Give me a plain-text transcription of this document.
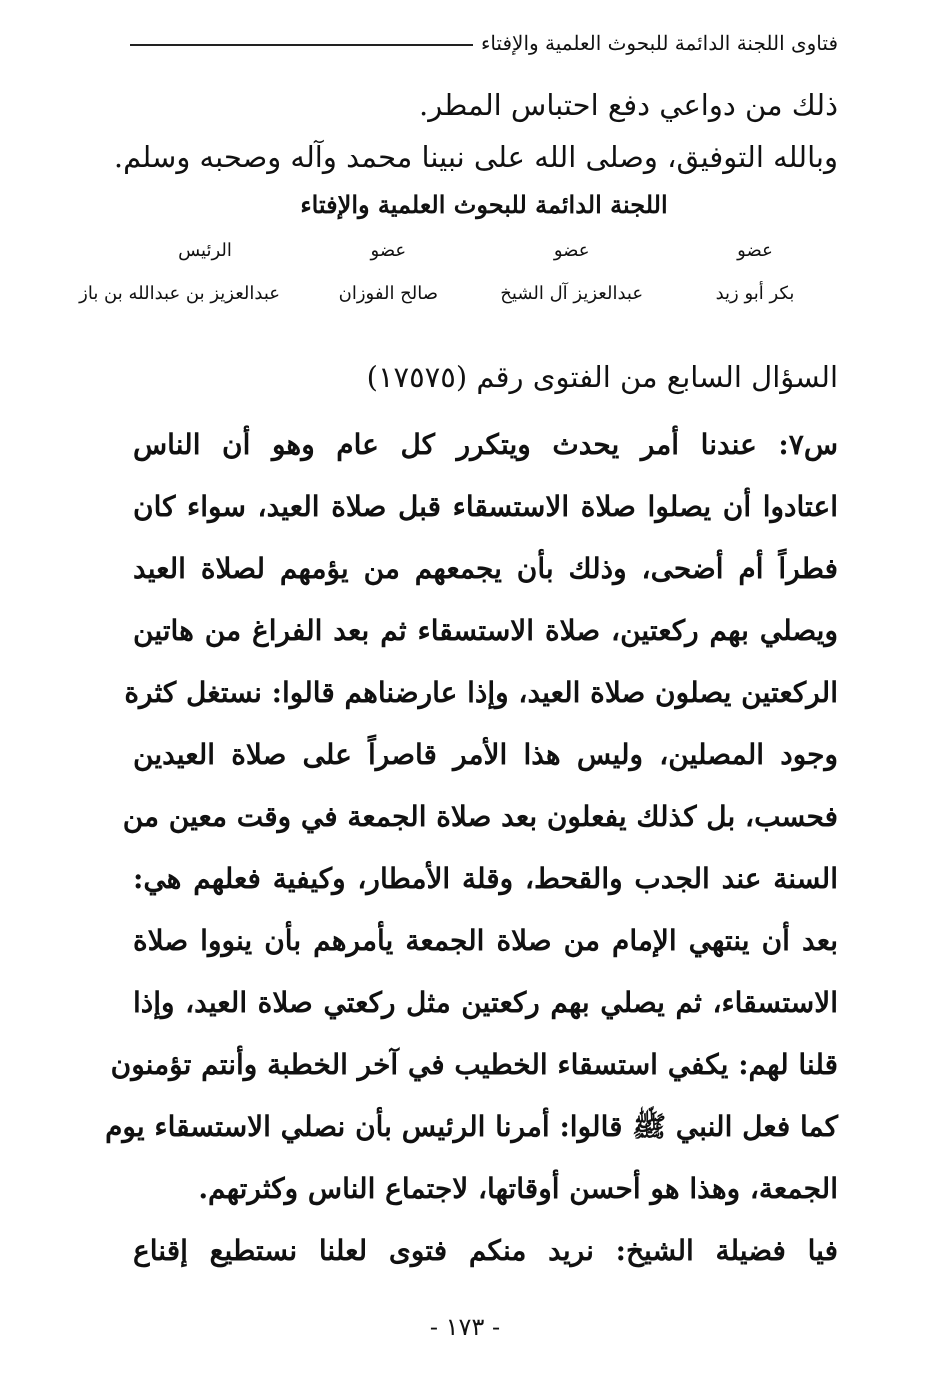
فتاوى اللجنة الدائمة للبحوث العلمية والإفتاء
ذلك من دواعي دفع احتباس المطر.
وبالله التوفيق، وصلى الله على نبينا محمد وآله وصحبه وسلم.
اللجنة الدائمة للبحوث العلمية والإفتاء
عضو
عضو
عضو
الرئيس
بكر أبو زيد
عبدالعزيز آل الشيخ
صالح الفوزان
عبدالعزيز بن عبدالله بن باز
السؤال السابع من الفتوى رقم (١٧٥٧٥)
س٧: عندنا أمر يحدث ويتكرر كل عام وهو أن الناس
اعتادوا أن يصلوا صلاة الاستسقاء قبل صلاة العيد، سواء كان
فطراً أم أضحى، وذلك بأن يجمعهم من يؤمهم لصلاة العيد
ويصلي بهم ركعتين، صلاة الاستسقاء ثم بعد الفراغ من هاتين
الركعتين يصلون صلاة العيد، وإذا عارضناهم قالوا: نستغل كثرة
وجود المصلين، وليس هذا الأمر قاصراً على صلاة العيدين
فحسب، بل كذلك يفعلون بعد صلاة الجمعة في وقت معين من
السنة عند الجدب والقحط، وقلة الأمطار، وكيفية فعلهم هي:
بعد أن ينتهي الإمام من صلاة الجمعة يأمرهم بأن ينووا صلاة
الاستسقاء، ثم يصلي بهم ركعتين مثل ركعتي صلاة العيد، وإذا
قلنا لهم: يكفي استسقاء الخطيب في آخر الخطبة وأنتم تؤمنون
كما فعل النبي ﷺ قالوا: أمرنا الرئيس بأن نصلي الاستسقاء يوم
الجمعة، وهذا هو أحسن أوقاتها، لاجتماع الناس وكثرتهم.
فيا فضيلة الشيخ: نريد منكم فتوى لعلنا نستطيع إقناع
- ١٧٣ -
